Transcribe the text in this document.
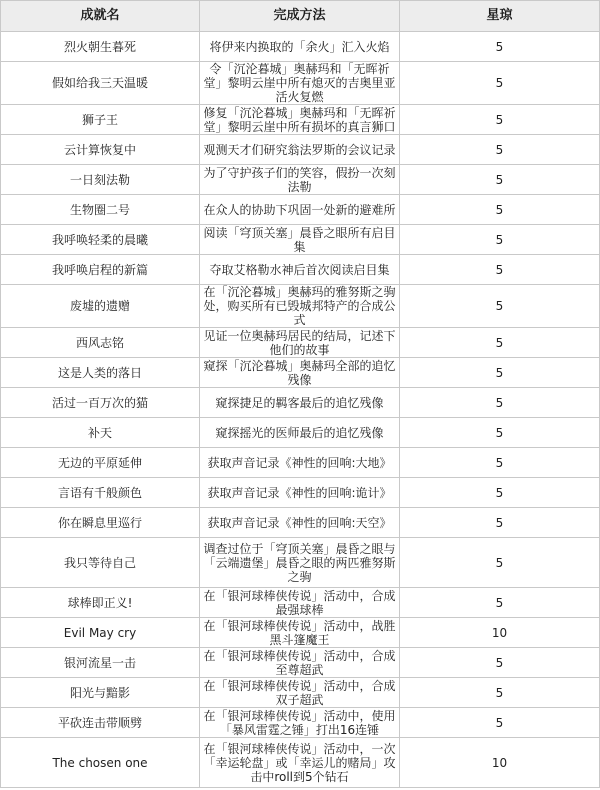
成就名	完成方法	星琼
烈火朝生暮死	将伊来内换取的「余火」汇入火焰	5
假如给我三天温暖	令「沉沦暮城」奥赫玛和「无晖祈堂」黎明云崖中所有熄灭的吉奥里亚活火复燃	5
狮子王	修复「沉沦暮城」奥赫玛和「无晖祈堂」黎明云崖中所有损坏的真言狮口	5
云计算恢复中	观测天才们研究翁法罗斯的会议记录	5
一日刻法勒	为了守护孩子们的笑容，假扮一次刻法勒	5
生物圈二号	在众人的协助下巩固一处新的避难所	5
我呼唤轻柔的晨曦	阅读「穹顶关塞」晨昏之眼所有启目集	5
我呼唤启程的新篇	夺取艾格勒水神后首次阅读启目集	5
废墟的遗赠	在「沉沦暮城」奥赫玛的雅努斯之驹处，购买所有已毁城邦特产的合成公式	5
西风志铭	见证一位奥赫玛居民的结局，记述下他们的故事	5
这是人类的落日	窥探「沉沦暮城」奥赫玛全部的追忆残像	5
活过一百万次的猫	窥探捷足的羁客最后的追忆残像	5
补天	窥探摇光的医师最后的追忆残像	5
无边的平原延伸	获取声音记录《神性的回响:大地》	5
言语有千般颜色	获取声音记录《神性的回响:诡计》	5
你在瞬息里巡行	获取声音记录《神性的回响:天空》	5
我只等待自己	调查过位于「穹顶关塞」晨昏之眼与「云端遗堡」晨昏之眼的两匹雅努斯之驹	5
球棒即正义!	在「银河球棒侠传说」活动中，合成最强球棒	5
Evil May cry	在「银河球棒侠传说」活动中，战胜黑斗篷魔王	10
银河流星一击	在「银河球棒侠传说」活动中，合成至尊超武	5
阳光与黯影	在「银河球棒侠传说」活动中，合成双子超武	5
平砍连击带顺劈	在「银河球棒侠传说」活动中，使用「暴风雷霆之锤」打出16连锤	5
The chosen one	在「银河球棒侠传说」活动中，一次「幸运轮盘」或「幸运儿的赌局」攻击中roll到5个钻石	10
